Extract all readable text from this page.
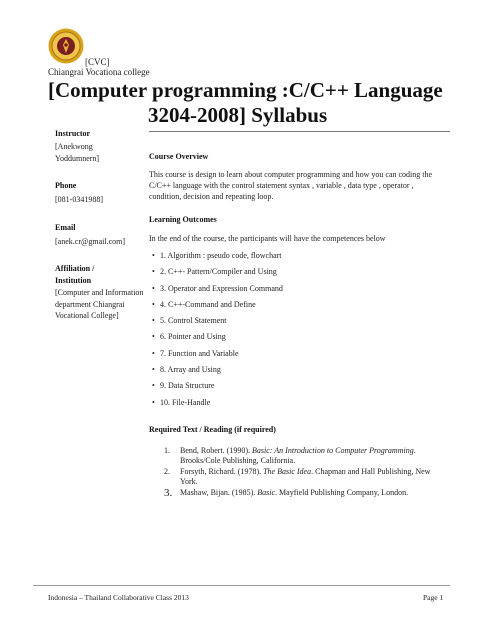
[CVC]
Chiangrai Vocationa college
[Computer programming :C/C++ Language
3204-2008] Syllabus
Instructor
[Anekwong Yoddumnern]
Phone
[081-0341988]
Email
[anek.cr@gmail.com]
Affiliation / Institution
[Computer and Information department Chiangrai Vocational College]
Course Overview
This course is design to learn about computer programming and how you can coding the C/C++ language with the control statement syntax , variable , data type , operator , condition, decision and repeating loop.
Learning Outcomes
In the end of the course, the participants will have the competences below
• 1. Algorithm : pseudo code, flowchart
• 2. C++- Pattern/Compiler and Using
• 3. Operator and Expression Command
• 4. C++-Command and Define
• 5. Control Statement
• 6. Pointer and Using
• 7. Function and Variable
• 8. Array and Using
• 9. Data Structure
• 10. File-Handle
Required Text / Reading (if required)
1. Bend, Robert. (1990). Basic: An Introduction to Computer Programming. Brooks/Cole Publishing, California.
2. Forsyth, Richard. (1978). The Basic Idea. Chapman and Hall Publishing, New York.
3. Mashaw, Bijan. (1985). Basic. Mayfield Publishing Company, London.
Indonesia – Thailand Collaborative Class 2013	Page 1
